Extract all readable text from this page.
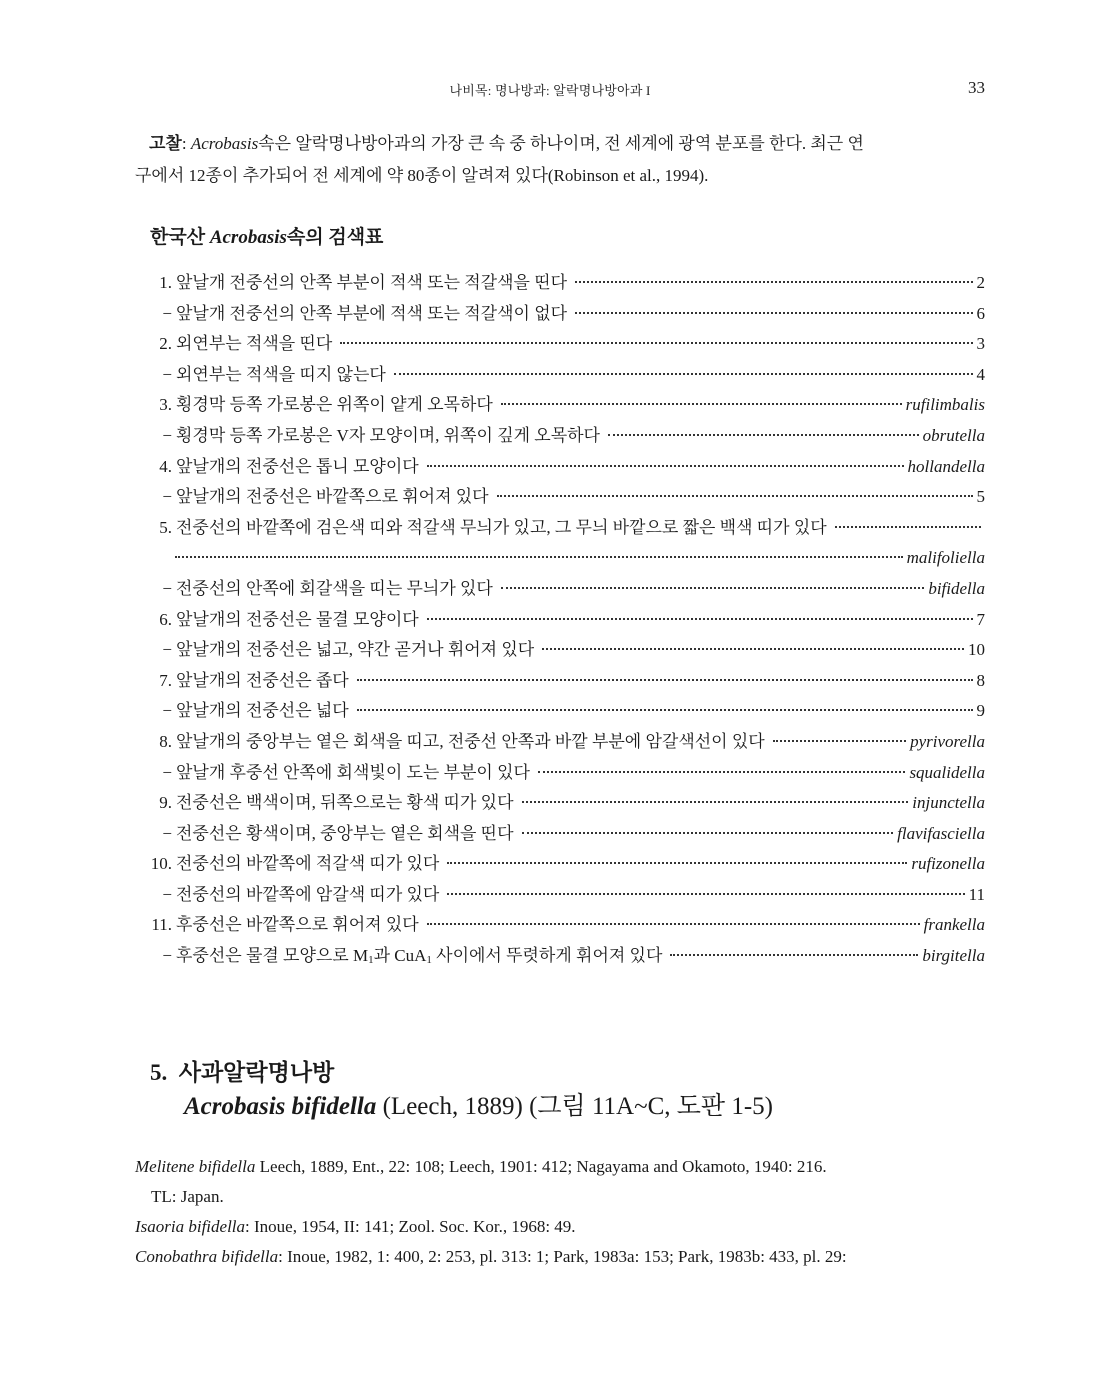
나비목: 명나방과: 알락명나방아과 I	33
고찰: Acrobasis속은 알락명나방아과의 가장 큰 속 중 하나이며, 전 세계에 광역 분포를 한다. 최근 연
구에서 12종이 추가되어 전 세계에 약 80종이 알려져 있다(Robinson et al., 1994).
한국산 Acrobasis속의 검색표
1. 앞날개 전중선의 안쪽 부분이 적색 또는 적갈색을 띤다	2
− 앞날개 전중선의 안쪽 부분에 적색 또는 적갈색이 없다	6
2. 외연부는 적색을 띤다	3
− 외연부는 적색을 띠지 않는다	4
3. 횡경막 등쪽 가로봉은 위쪽이 얕게 오목하다	rufilimbalis
− 횡경막 등쪽 가로봉은 V자 모양이며, 위쪽이 깊게 오목하다	obrutella
4. 앞날개의 전중선은 톱니 모양이다	hollandella
− 앞날개의 전중선은 바깥쪽으로 휘어져 있다	5
5. 전중선의 바깥쪽에 검은색 띠와 적갈색 무늬가 있고, 그 무늬 바깥으로 짧은 백색 띠가 있다
malifoliella
− 전중선의 안쪽에 회갈색을 띠는 무늬가 있다	bifidella
6. 앞날개의 전중선은 물결 모양이다	7
− 앞날개의 전중선은 넓고, 약간 곧거나 휘어져 있다	10
7. 앞날개의 전중선은 좁다	8
− 앞날개의 전중선은 넓다	9
8. 앞날개의 중앙부는 옅은 회색을 띠고, 전중선 안쪽과 바깥 부분에 암갈색선이 있다	pyrivorella
− 앞날개 후중선 안쪽에 회색빛이 도는 부분이 있다	squalidella
9. 전중선은 백색이며, 뒤쪽으로는 황색 띠가 있다	injunctella
− 전중선은 황색이며, 중앙부는 옅은 회색을 띤다	flavifasciella
10. 전중선의 바깥쪽에 적갈색 띠가 있다	rufizonella
− 전중선의 바깥쪽에 암갈색 띠가 있다	11
11. 후중선은 바깥쪽으로 휘어져 있다	frankella
− 후중선은 물결 모양으로 $M_1$과 CuA$_1$ 사이에서 뚜렷하게 휘어져 있다	birgitella
5. 사과알락명나방
Acrobasis bifidella (Leech, 1889) (그림 11A~C, 도판 1-5)
Melitene bifidella Leech, 1889, Ent., 22: 108; Leech, 1901: 412; Nagayama and Okamoto, 1940: 216.
TL: Japan.
Isaoria bifidella: Inoue, 1954, II: 141; Zool. Soc. Kor., 1968: 49.
Conobathra bifidella: Inoue, 1982, 1: 400, 2: 253, pl. 313: 1; Park, 1983a: 153; Park, 1983b: 433, pl. 29:
